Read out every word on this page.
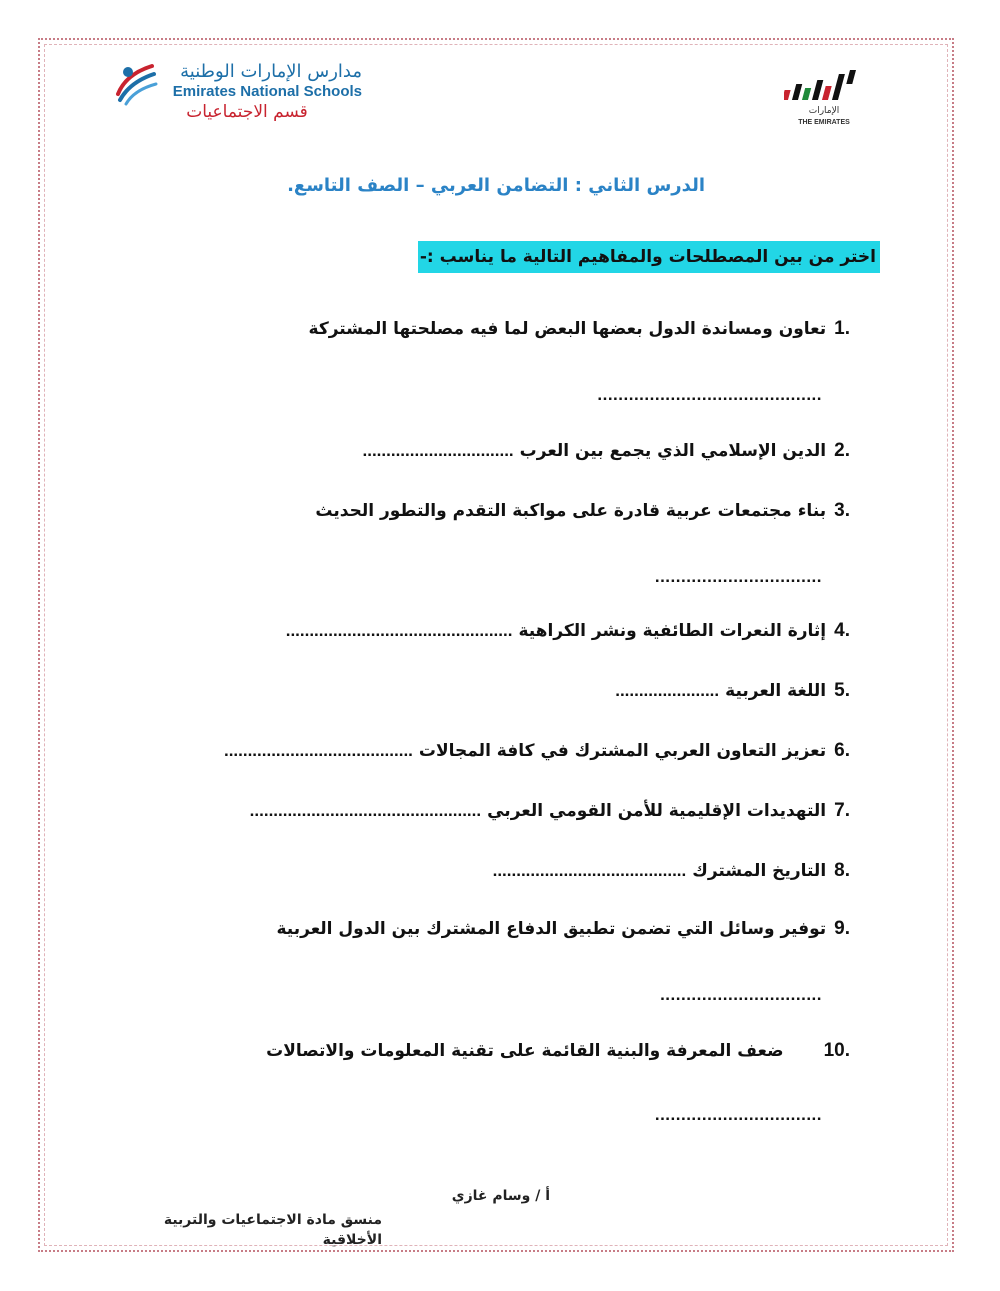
مدارس الإمارات الوطنية
Emirates National Schools
قسم الاجتماعيات	الإمارات
THE EMIRATES
الدرس الثاني : التضامن العربي – الصف التاسع.
اختر من بين المصطلحات والمفاهيم التالية ما يناسب :-
1.تعاون ومساندة الدول بعضها البعض لما فيه مصلحتها المشتركة
...........................................
2.الدين الإسلامي الذي يجمع بين العرب................................
3.بناء مجتمعات عربية قادرة على مواكبة التقدم والتطور الحديث
................................
4.إثارة النعرات الطائفية ونشر الكراهية................................................
5.اللغة العربية......................
6.تعزيز التعاون العربي المشترك في كافة المجالات........................................
7.التهديدات الإقليمية للأمن القومي العربي.................................................
8.التاريخ المشترك.........................................
9.توفير وسائل التي تضمن تطبيق الدفاع المشترك بين الدول العربية
...............................
10.ضعف المعرفة والبنية القائمة على تقنية المعلومات والاتصالات
................................
أ / وسام غازي
منسق مادة الاجتماعيات والتربية الأخلاقية
